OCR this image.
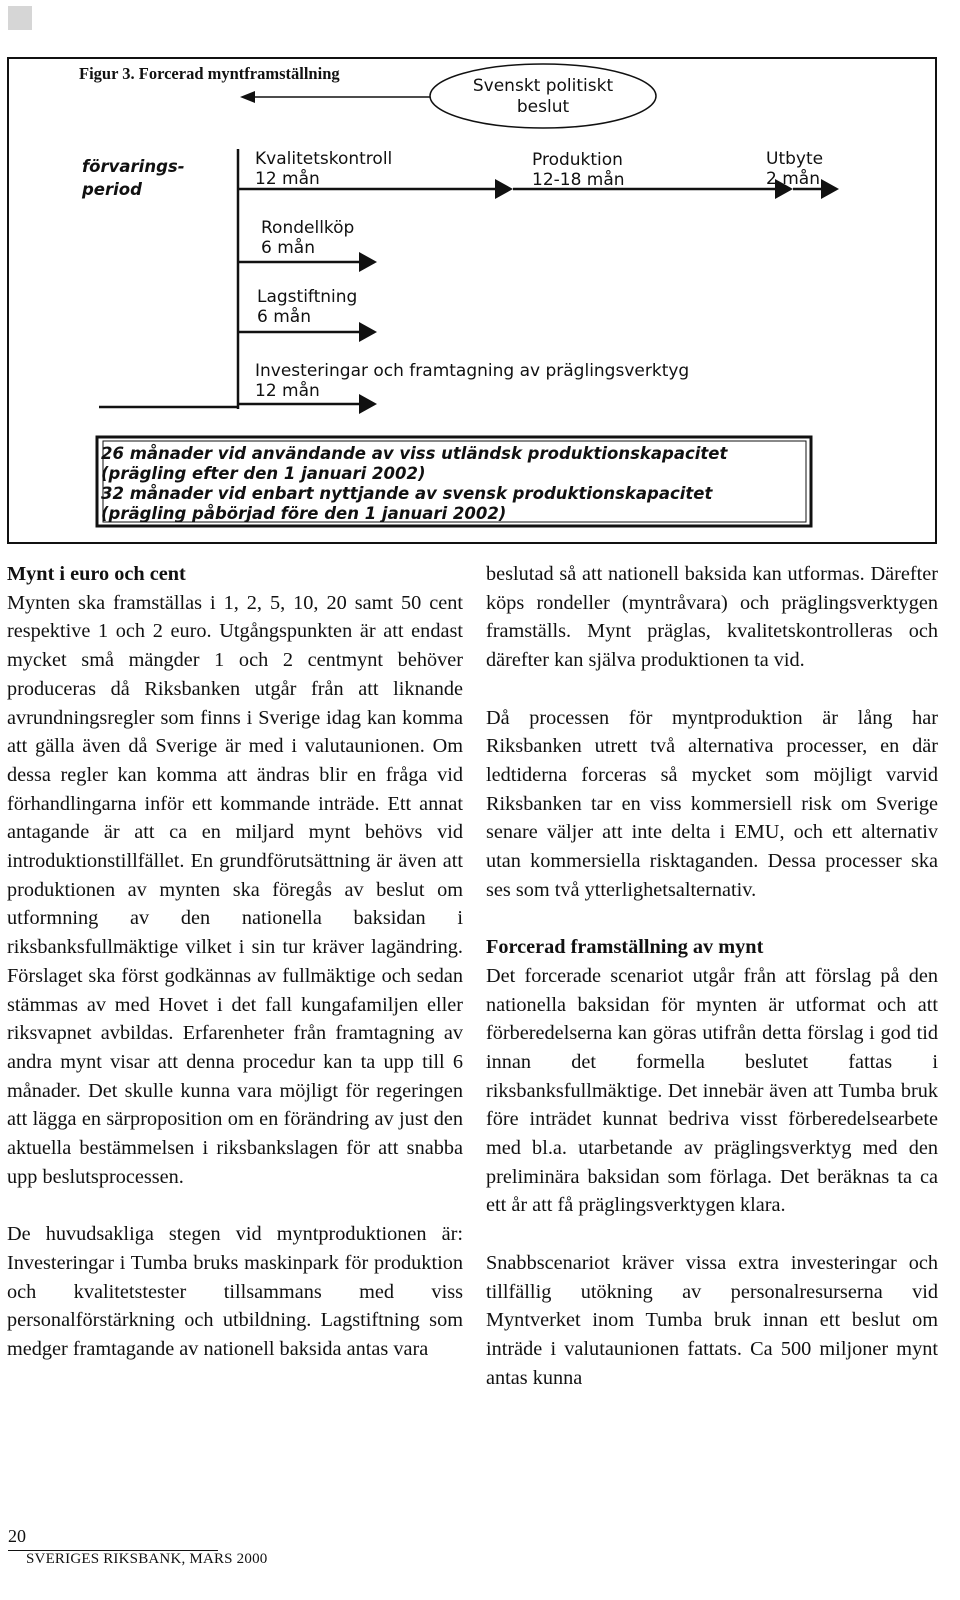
Figur 3. Forcerad myntframställning
Svenskt politiskt
beslut
förvarings-
period
Kvalitetskontroll
12 mån
Produktion
12-18 mån
Utbyte
2 mån
Rondellköp
6 mån
Lagstiftning
6 mån
Investeringar och framtagning av präglingsverktyg
12 mån
26 månader vid användande av viss utländsk produktionskapacitet
(prägling efter den 1 januari 2002)
32 månader vid enbart nyttjande av svensk produktionskapacitet
(prägling påbörjad före den 1 januari 2002)
Mynt i euro och cent

Mynten ska framställas i 1, 2, 5, 10, 20 samt 50 cent respektive 1 och 2 euro. Utgångspunkten är att endast mycket små mängder 1 och 2 centmynt behöver produceras då Riksbanken utgår från att liknande avrundningsregler som finns i Sverige idag kan komma att gälla även då Sverige är med i valutaunionen. Om dessa regler kan komma att ändras blir en fråga vid förhandlingarna inför ett kommande inträde. Ett annat antagande är att ca en miljard mynt behövs vid introduktionstillfället. En grundförutsättning är även att produktionen av mynten ska föregås av beslut om utformning av den nationella baksidan i riksbanksfullmäktige vilket i sin tur kräver lagändring. Förslaget ska först godkännas av fullmäktige och sedan stämmas av med Hovet i det fall kungafamiljen eller riksvapnet avbildas. Erfarenheter från framtagning av andra mynt visar att denna procedur kan ta upp till 6 månader. Det skulle kunna vara möjligt för regeringen att lägga en särproposition om en förändring av just den aktuella bestämmelsen i riksbankslagen för att snabba upp beslutsprocessen.

De huvudsakliga stegen vid myntproduktionen är: Investeringar i Tumba bruks maskinpark för produktion och kvalitetstester tillsammans med viss personalförstärkning och utbildning. Lagstiftning som medger framtagande av nationell baksida antas vara

beslutad så att nationell baksida kan utformas. Därefter köps rondeller (myntråvara) och präglingsverktygen framställs. Mynt präglas, kvalitetskontrolleras och därefter kan själva produktionen ta vid.

Då processen för myntproduktion är lång har Riksbanken utrett två alternativa processer, en där ledtiderna forceras så mycket som möjligt varvid Riksbanken tar en viss kommersiell risk om Sverige senare väljer att inte delta i EMU, och ett alternativ utan kommersiella risktaganden. Dessa processer ska ses som två ytterlighetsalternativ.

Forcerad framställning av mynt

Det forcerade scenariot utgår från att förslag på den nationella baksidan för mynten är utformat och att förberedelserna kan göras utifrån detta förslag i god tid innan det formella beslutet fattas i riksbanksfullmäktige. Det innebär även att Tumba bruk före inträdet kunnat bedriva visst förberedelsearbete med bl.a. utarbetande av präglingsverktyg med den preliminära baksidan som förlaga. Det beräknas ta ca ett år att få präglingsverktygen klara.

Snabbscenariot kräver vissa extra investeringar och tillfällig utökning av personalresurserna vid Myntverket inom Tumba bruk innan ett beslut om inträde i valutaunionen fattats. Ca 500 miljoner mynt antas kunna

20
SVERIGES RIKSBANK, MARS 2000
